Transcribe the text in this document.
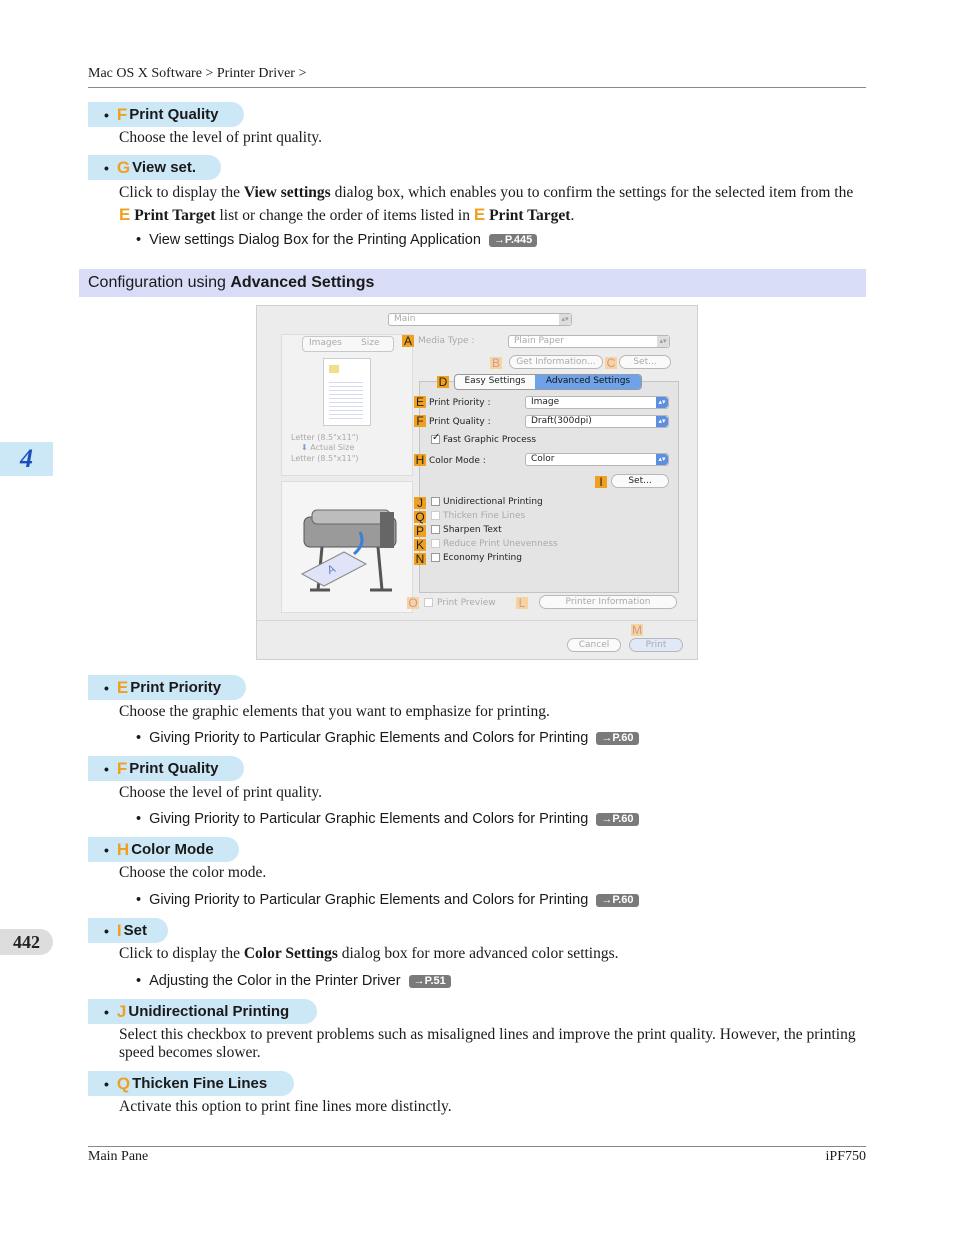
Mac OS X Software > Printer Driver >
4
442
• F Print Quality
Choose the level of print quality.
• G View set.
Click to display the View settings dialog box, which enables you to confirm the settings for the selected item from the
E Print Target list or change the order of items listed in E Print Target.
• View settings Dialog Box for the Printing Application →P.445
Configuration using
Advanced Settings
Main	▴▾
Images Size
Letter (8.5"x11")
⬇ Actual Size
Letter (8.5"x11")
A
A Media Type :	Plain Paper	▴▾
B	Get Information... C	Set...
D	Easy Settings	Advanced Settings
E Print Priority :	Image	▴▾
F Print Quality :	Draft(300dpi)	▴▾
✓
Fast Graphic Process
H Color Mode :	Color	▴▾
I	Set...
J	Unidirectional Printing
Q Thicken Fine Lines
P Sharpen Text
K Reduce Print Unevenness
N Economy Printing
O Print Preview L	Printer Information
M
Cancel	Print
• E Print Priority
Choose the graphic elements that you want to emphasize for printing.
• Giving Priority to Particular Graphic Elements and Colors for Printing →P.60
• F Print Quality
Choose the level of print quality.
• Giving Priority to Particular Graphic Elements and Colors for Printing →P.60
• H Color Mode
Choose the color mode.
• Giving Priority to Particular Graphic Elements and Colors for Printing →P.60
• I Set
Click to display the Color Settings dialog box for more advanced color settings.
• Adjusting the Color in the Printer Driver →P.51
• J Unidirectional Printing
Select this checkbox to prevent problems such as misaligned lines and improve the print quality. However, the printing speed becomes slower.
• Q Thicken Fine Lines
Activate this option to print fine lines more distinctly.
Main Pane	iPF750
